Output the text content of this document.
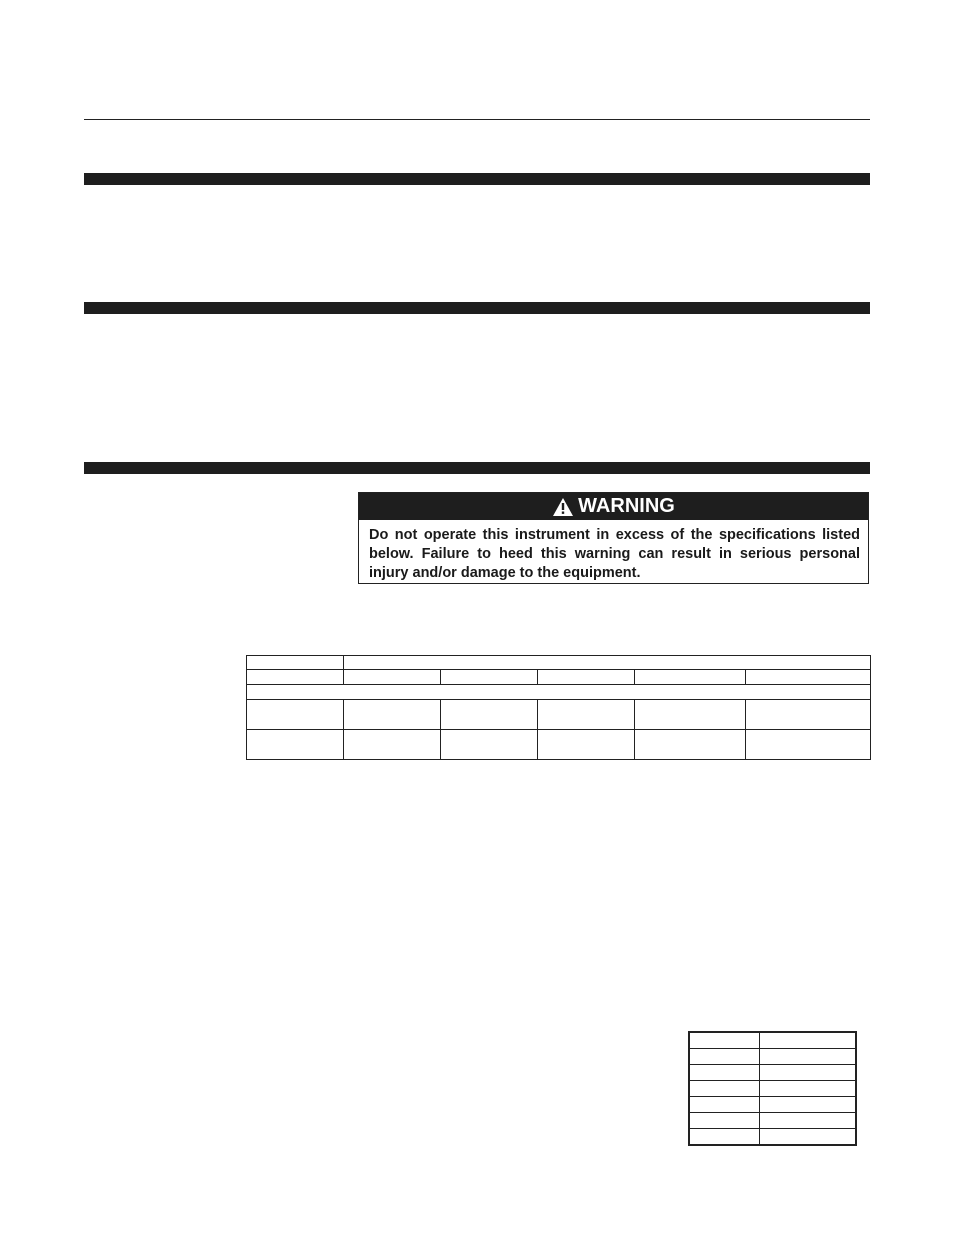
WARNING
Do not operate this instrument in excess of the specifications listed below. Failure to heed this warning can result in serious personal injury and/or damage to the equipment.
